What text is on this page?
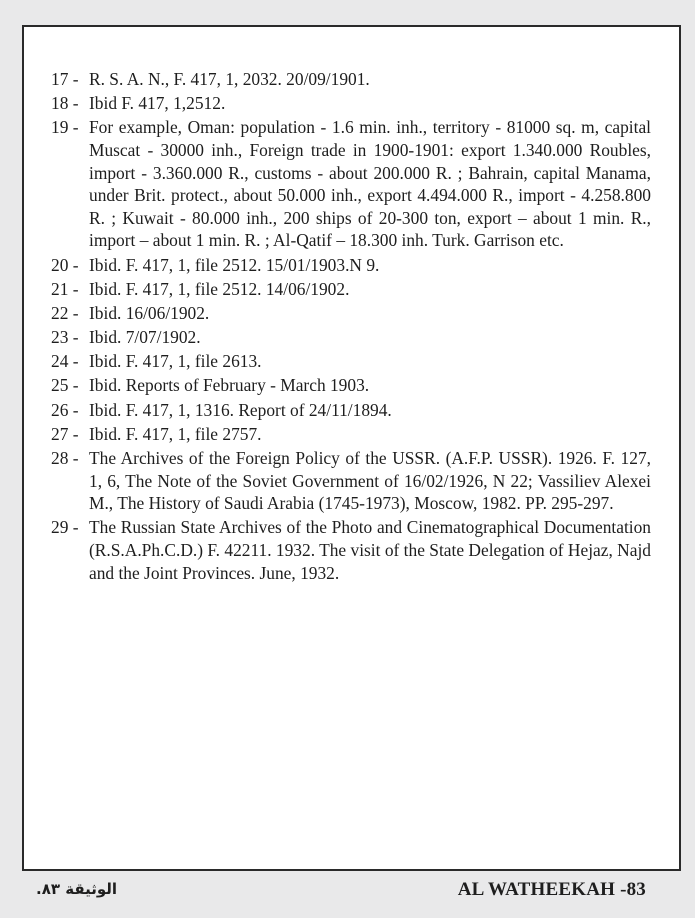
17 - R. S. A. N., F. 417, 1, 2032. 20/09/1901.
18 - Ibid F. 417, 1,2512.
19 - For example, Oman: population - 1.6 min. inh., territory - 81000 sq. m, capital Muscat - 30000 inh., Foreign trade in 1900-1901: export 1.340.000 Roubles, import - 3.360.000 R., customs - about 200.000 R. ; Bahrain, capital Manama, under Brit. protect., about 50.000 inh., export 4.494.000 R., import - 4.258.800 R. ; Kuwait - 80.000 inh., 200 ships of 20-300 ton, export – about 1 min. R., import – about 1 min. R. ; Al-Qatif – 18.300 inh. Turk. Garrison etc.
20 - Ibid. F. 417, 1, file 2512. 15/01/1903.N 9.
21 - Ibid. F. 417, 1, file 2512. 14/06/1902.
22 - Ibid. 16/06/1902.
23 - Ibid. 7/07/1902.
24 - Ibid. F. 417, 1, file 2613.
25 - Ibid. Reports of February - March 1903.
26 - Ibid. F. 417, 1, 1316. Report of 24/11/1894.
27 - Ibid. F. 417, 1, file 2757.
28 - The Archives of the Foreign Policy of the USSR. (A.F.P. USSR). 1926. F. 127, 1, 6, The Note of the Soviet Government of 16/02/1926, N 22; Vassiliev Alexei M., The History of Saudi Arabia (1745-1973), Moscow, 1982. PP. 295-297.
29 - The Russian State Archives of the Photo and Cinematographical Documentation (R.S.A.Ph.C.D.) F. 42211. 1932. The visit of the State Delegation of Hejaz, Najd and the Joint Provinces. June, 1932.
الوثيقة ٨٣.	AL WATHEEKAH -83
